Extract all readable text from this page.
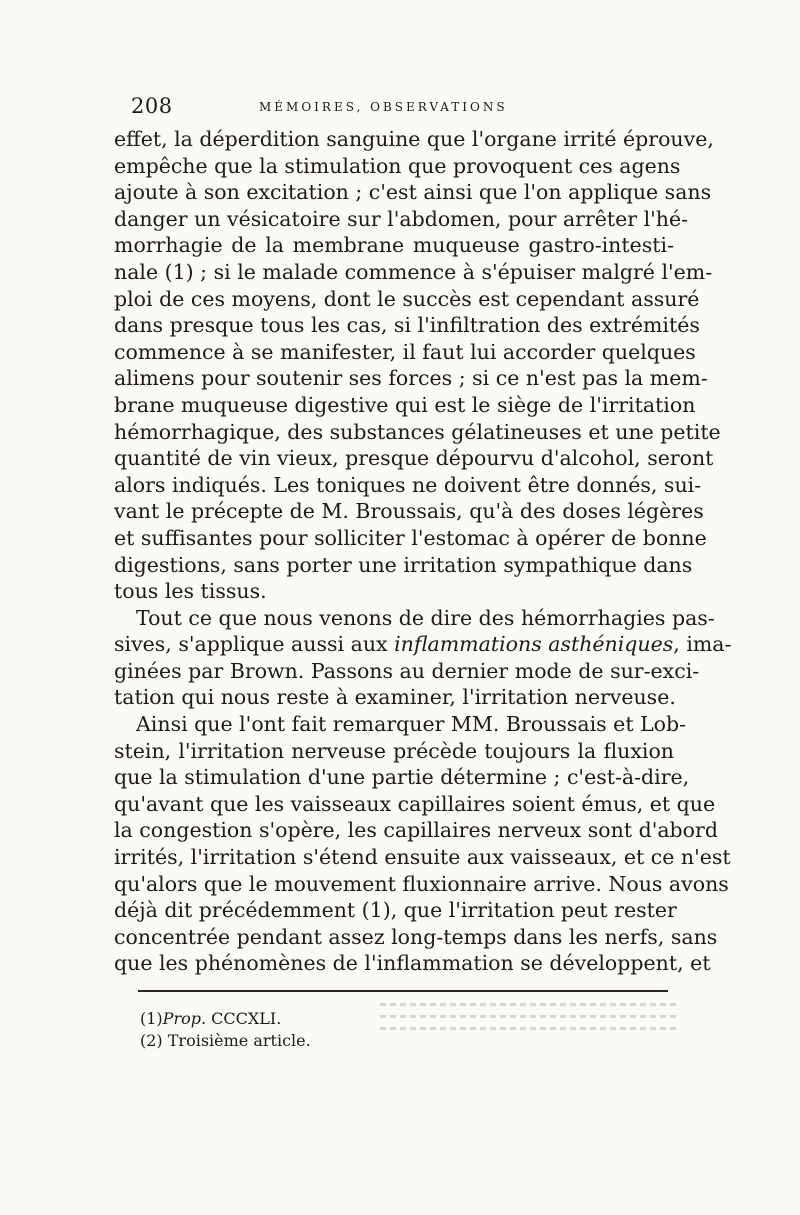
208	MÉMOIRES, OBSERVATIONS
effet, la déperdition sanguine que l'organe irrité éprouve,
empêche que la stimulation que provoquent ces agens
ajoute à son excitation ; c'est ainsi que l'on applique sans
danger un vésicatoire sur l'abdomen, pour arrêter l'hé-
morrhagie de la membrane muqueuse gastro-intesti-
nale (1) ; si le malade commence à s'épuiser malgré l'em-
ploi de ces moyens, dont le succès est cependant assuré
dans presque tous les cas, si l'infiltration des extrémités
commence à se manifester, il faut lui accorder quelques
alimens pour soutenir ses forces ; si ce n'est pas la mem-
brane muqueuse digestive qui est le siège de l'irritation
hémorrhagique, des substances gélatineuses et une petite
quantité de vin vieux, presque dépourvu d'alcohol, seront
alors indiqués. Les toniques ne doivent être donnés, sui-
vant le précepte de M. Broussais, qu'à des doses légères
et suffisantes pour solliciter l'estomac à opérer de bonne
digestions, sans porter une irritation sympathique dans
tous les tissus.
Tout ce que nous venons de dire des hémorrhagies pas-
sives, s'applique aussi aux inflammations asthéniques, ima-
ginées par Brown. Passons au dernier mode de sur-exci-
tation qui nous reste à examiner, l'irritation nerveuse.
Ainsi que l'ont fait remarquer MM. Broussais et Lob-
stein, l'irritation nerveuse précède toujours la fluxion
que la stimulation d'une partie détermine ; c'est-à-dire,
qu'avant que les vaisseaux capillaires soient émus, et que
la congestion s'opère, les capillaires nerveux sont d'abord
irrités, l'irritation s'étend ensuite aux vaisseaux, et ce n'est
qu'alors que le mouvement fluxionnaire arrive. Nous avons
déjà dit précédemment (1), que l'irritation peut rester
concentrée pendant assez long-temps dans les nerfs, sans
que les phénomènes de l'inflammation se développent, et
(1)Prop. CCCXLI.
(2) Troisième article.
